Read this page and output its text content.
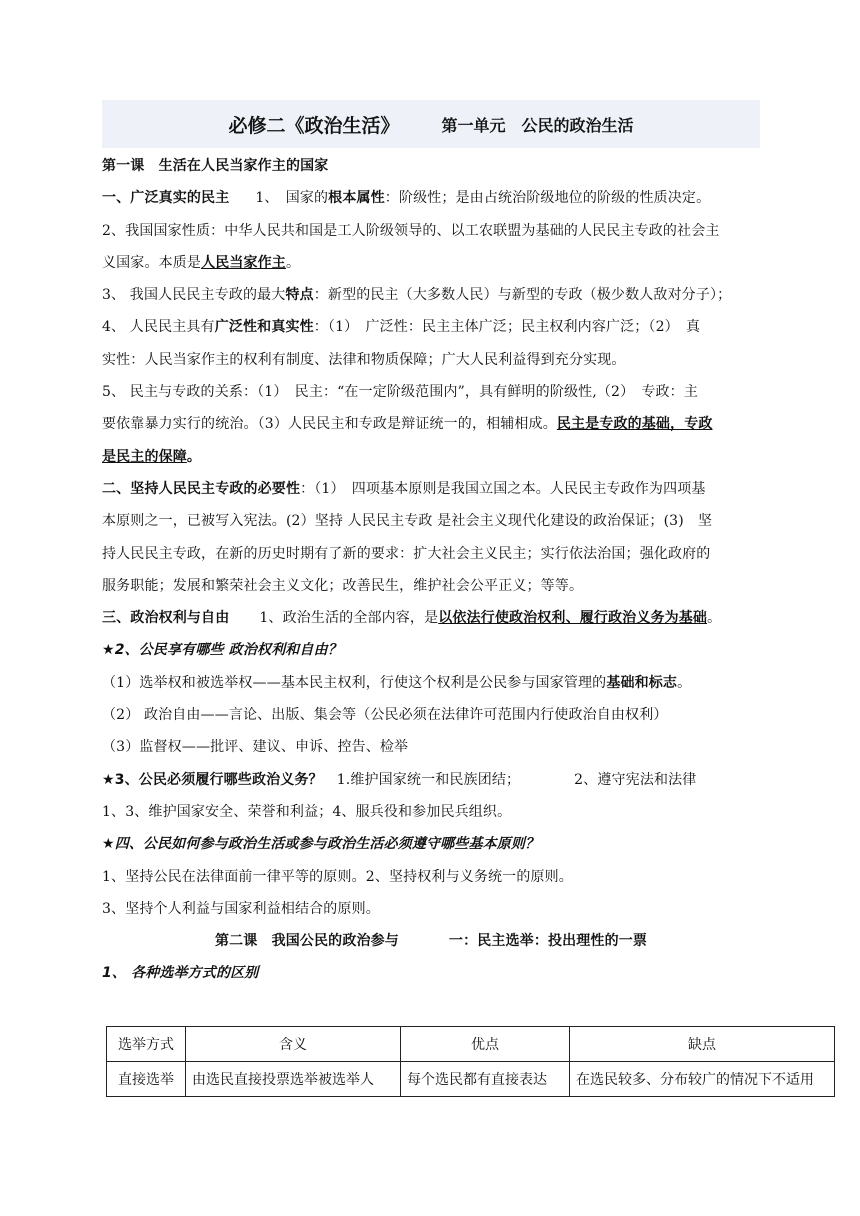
必修二《政治生活》	第一单元　公民的政治生活
第一课　生活在人民当家作主的国家
一、广泛真实的民主 1、　国家的根本属性：阶级性；是由占统治阶级地位的阶级的性质决定。
2、我国国家性质：中华人民共和国是工人阶级领导的、以工农联盟为基础的人民民主专政的社会主
义国家。本质是人民当家作主。
3、 我国人民民主专政的最大特点：新型的民主（大多数人民）与新型的专政（极少数人敌对分子）；
4、 人民民主具有广泛性和真实性：（1）　广泛性：民主主体广泛；民主权利内容广泛；（2）　真
实性：人民当家作主的权利有制度、法律和物质保障；广大人民利益得到充分实现。
5、 民主与专政的关系：（1）　民主：“在一定阶级范围内”，具有鲜明的阶级性,（2）　专政：主
要依靠暴力实行的统治。（3）人民民主和专政是辩证统一的，相辅相成。民主是专政的基础，专政
是民主的保障。
二、坚持人民民主专政的必要性：（1）　四项基本原则是我国立国之本。人民民主专政作为四项基
本原则之一，已被写入宪法。(2）坚持 人民民主专政 是社会主义现代化建设的政治保证；(3)　坚
持人民民主专政，在新的历史时期有了新的要求：扩大社会主义民主；实行依法治国；强化政府的
服务职能；发展和繁荣社会主义文化；改善民生，维护社会公平正义；等等。
三、政治权利与自由 1、政治生活的全部内容，是以依法行使政治权利、履行政治义务为基础。
★2、公民享有哪些 政治权利和自由？
（1）选举权和被选举权——基本民主权利，行使这个权利是公民参与国家管理的基础和标志。
（2） 政治自由——言论、出版、集会等（公民必须在法律许可范围内行使政治自由权利）
（3）监督权——批评、建议、申诉、控告、检举
★3、公民必须履行哪些政治义务？ 1.维护国家统一和民族团结；	2、遵守宪法和法律
1、3、维护国家安全、荣誉和利益；4、服兵役和参加民兵组织。
★四、公民如何参与政治生活或参与政治生活必须遵守哪些基本原则？
1、坚持公民在法律面前一律平等的原则。2、坚持权利与义务统一的原则。
3、坚持个人利益与国家利益相结合的原则。
第二课　我国公民的政治参与	一：民主选举：投出理性的一票
1、 各种选举方式的区别
选举方式	含义	优点	缺点
直接选举	由选民直接投票选举被选举人	每个选民都有直接表达	在选民较多、分布较广的情况下不适用
